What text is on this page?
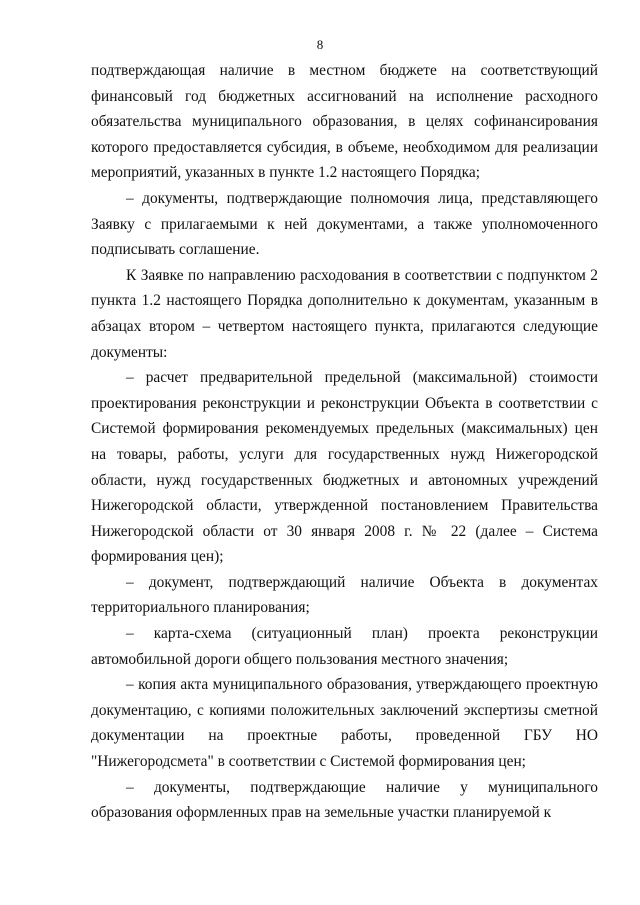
8

подтверждающая наличие в местном бюджете на соответствующий финансовый год бюджетных ассигнований на исполнение расходного обязательства муниципального образования, в целях софинансирования которого предоставляется субсидия, в объеме, необходимом для реализации мероприятий, указанных в пункте 1.2 настоящего Порядка;

– документы, подтверждающие полномочия лица, представляющего Заявку с прилагаемыми к ней документами, а также уполномоченного подписывать соглашение.

К Заявке по направлению расходования в соответствии с подпунктом 2 пункта 1.2 настоящего Порядка дополнительно к документам, указанным в абзацах втором – четвертом настоящего пункта, прилагаются следующие документы:

– расчет предварительной предельной (максимальной) стоимости проектирования реконструкции и реконструкции Объекта в соответствии с Системой формирования рекомендуемых предельных (максимальных) цен на товары, работы, услуги для государственных нужд Нижегородской области, нужд государственных бюджетных и автономных учреждений Нижегородской области, утвержденной постановлением Правительства Нижегородской области от 30 января 2008 г. № 22 (далее – Система формирования цен);

– документ, подтверждающий наличие Объекта в документах территориального планирования;

– карта-схема (ситуационный план) проекта реконструкции автомобильной дороги общего пользования местного значения;

– копия акта муниципального образования, утверждающего проектную документацию, с копиями положительных заключений экспертизы сметной документации на проектные работы, проведенной ГБУ НО "Нижегородсмета" в соответствии с Системой формирования цен;

– документы, подтверждающие наличие у муниципального образования оформленных прав на земельные участки планируемой к
